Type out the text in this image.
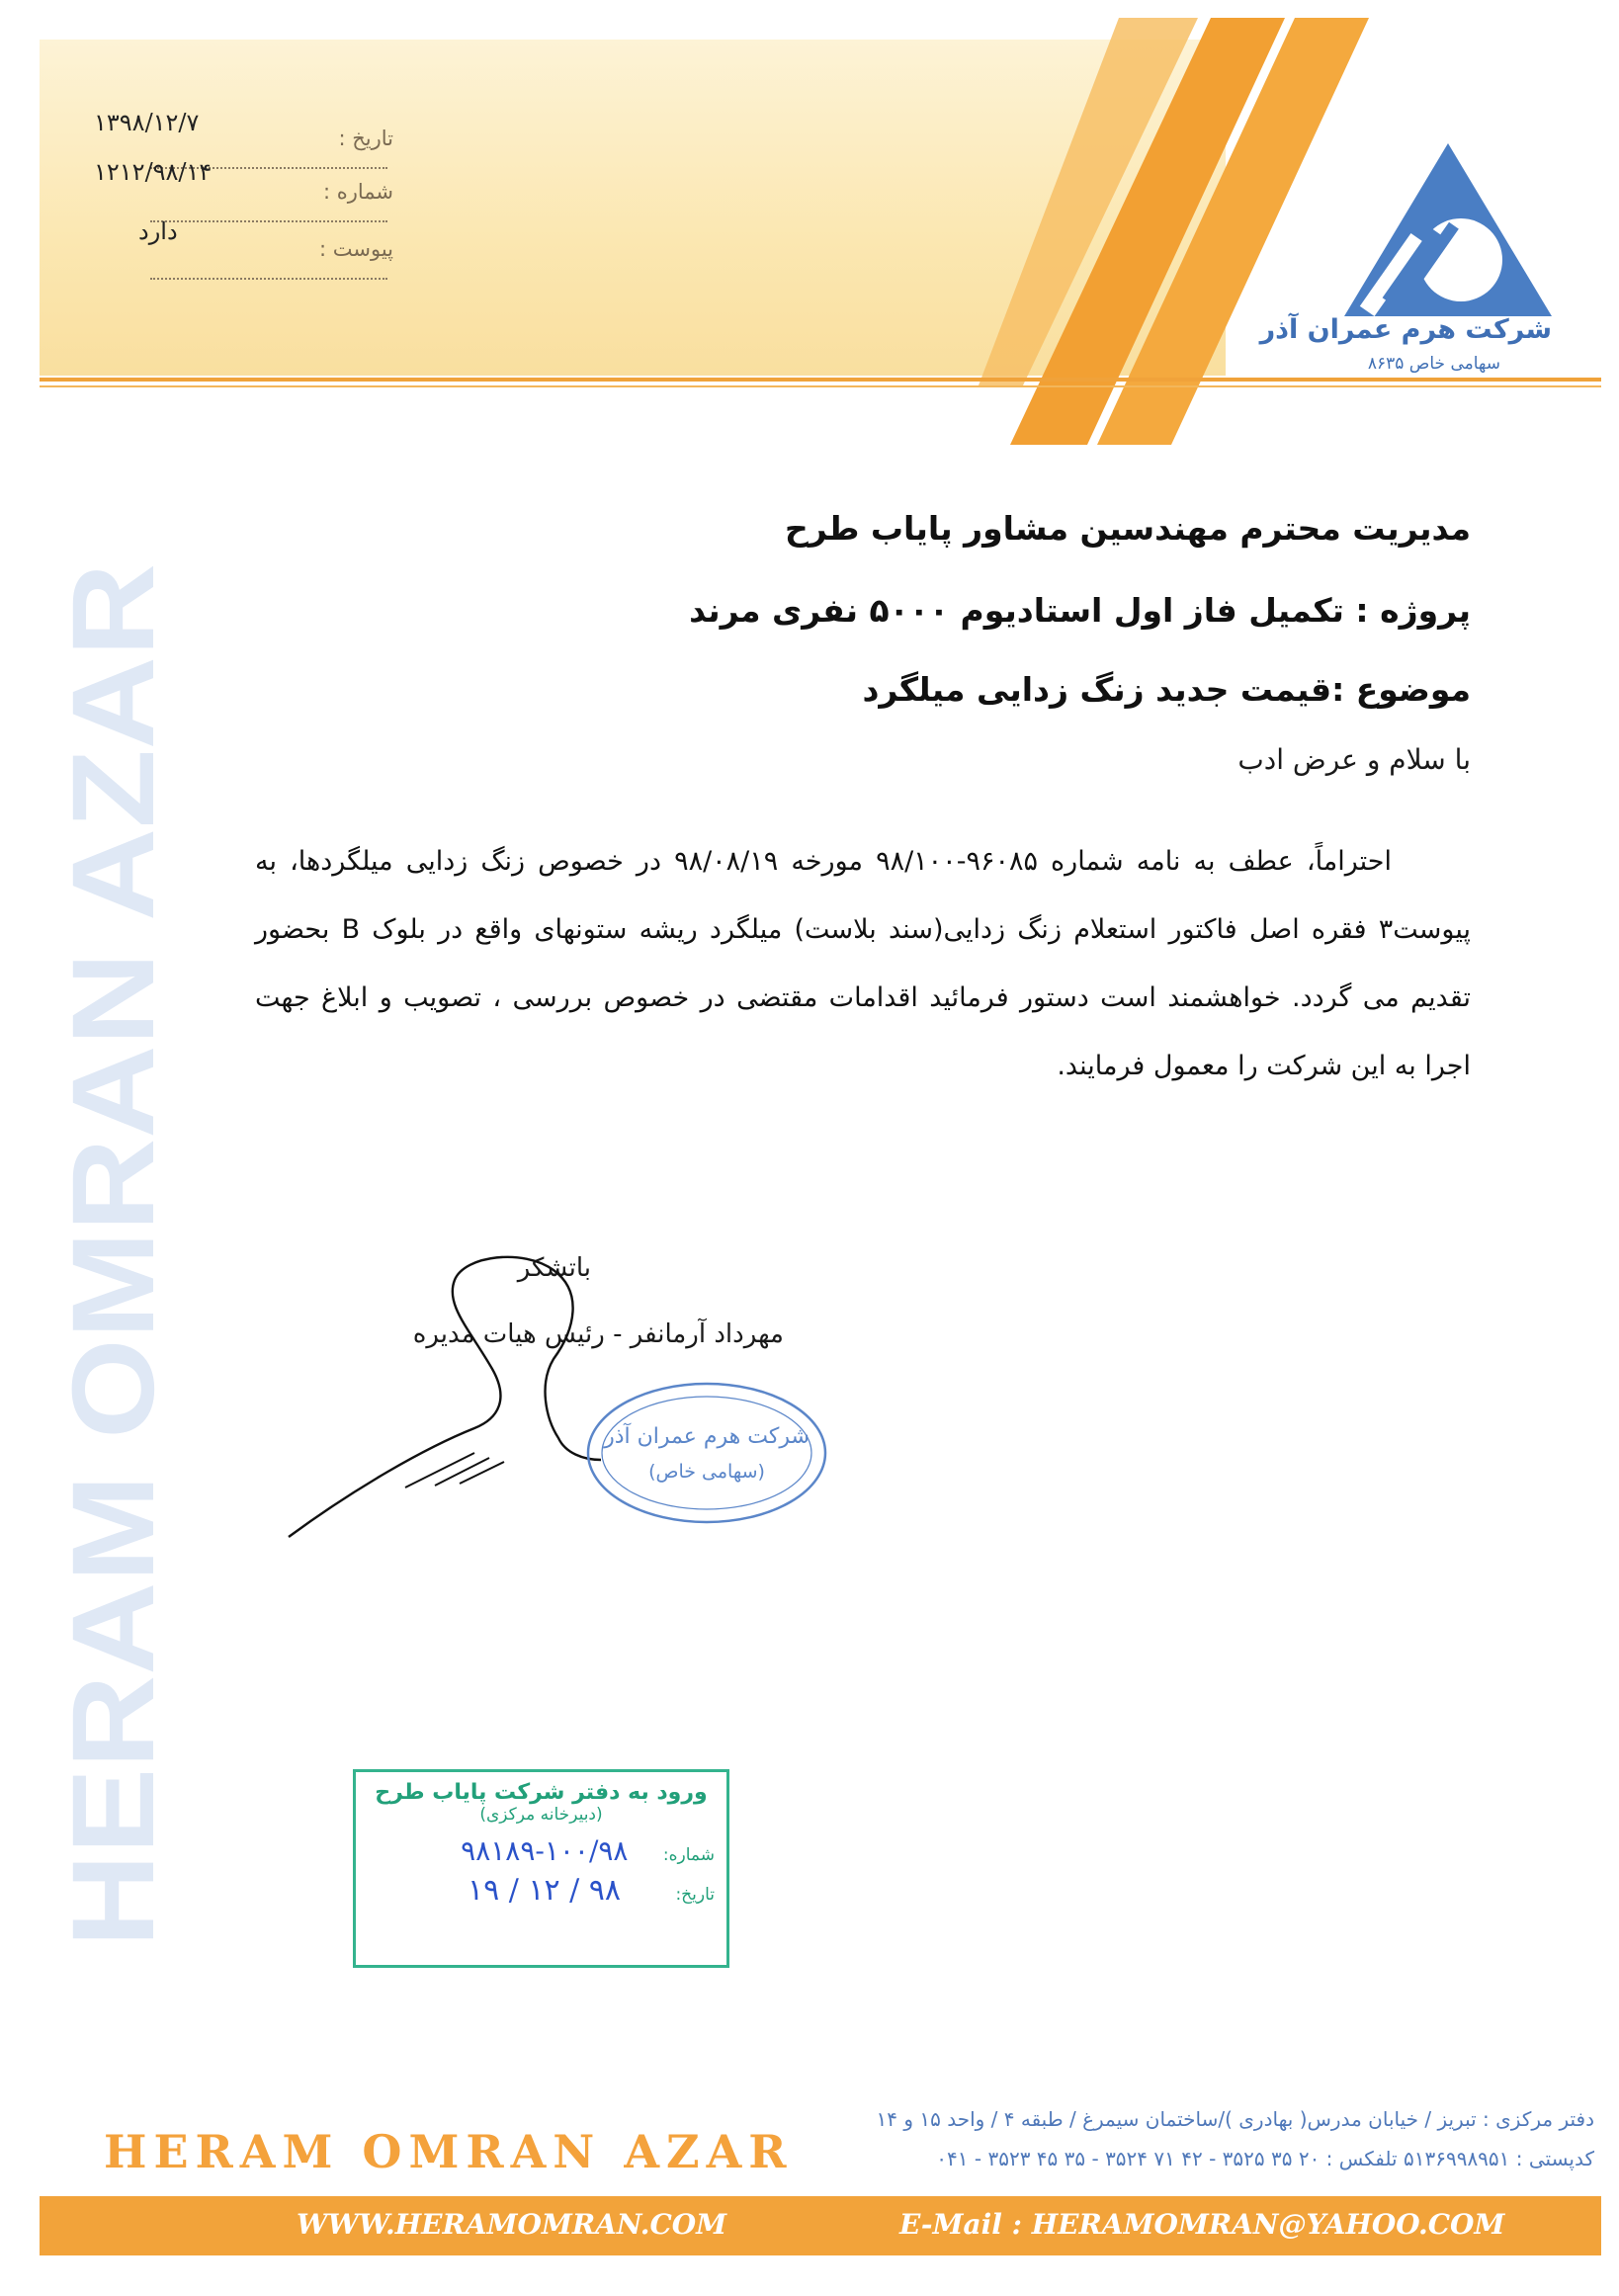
شرکت هرم عمران آذر
سهامی خاص ۸۶۳۵
تاریخ :
۱۳۹۸/۱۲/۷
شماره :
۱۲۱۲/۹۸/۱۴
پیوست :
دارد
HERAM OMRAN AZAR
مدیریت محترم مهندسین مشاور پایاب طرح
پروژه : تکمیل فاز اول استادیوم ۵۰۰۰ نفری مرند
موضوع :قیمت جدید زنگ زدایی میلگرد
با سلام و عرض ادب
احتراماً، عطف به نامه شماره ۹۶۰۸۵-۹۸/۱۰۰ مورخه ۹۸/۰۸/۱۹ در خصوص زنگ زدایی میلگردها، به پیوست۳ فقره اصل فاکتور استعلام زنگ زدایی(سند بلاست) میلگرد ریشه ستونهای واقع در بلوک B بحضور تقدیم می گردد. خواهشمند است دستور فرمائید اقدامات مقتضی در خصوص بررسی ، تصویب و ابلاغ جهت اجرا به این شرکت را معمول فرمایند.
باتشکر
مهرداد آرمانفر - رئیس هیات مدیره
شرکت هرم عمران آذر
(سهامی خاص)
ورود به دفتر شرکت پایاب طرح
(دبیرخانه مرکزی)
شماره: ۱۰۰/۹۸-۹۸۱۸۹
تاریخ: ۹۸ / ۱۲ / ۱۹
HERAM OMRAN AZAR
دفتر مرکزی : تبریز / خیابان مدرس( بهادری )/ساختمان سیمرغ / طبقه ۴ / واحد ۱۵ و ۱۴
کدپستی : ۵۱۳۶۹۹۸۹۵۱ تلفکس : ۲۰ ۳۵ ۳۵۲۵ - ۴۲ ۷۱ ۳۵۲۴ - ۳۵ ۴۵ ۳۵۲۳ - ۰۴۱
WWW.HERAMOMRAN.COM	E-Mail : HERAMOMRAN@YAHOO.COM
